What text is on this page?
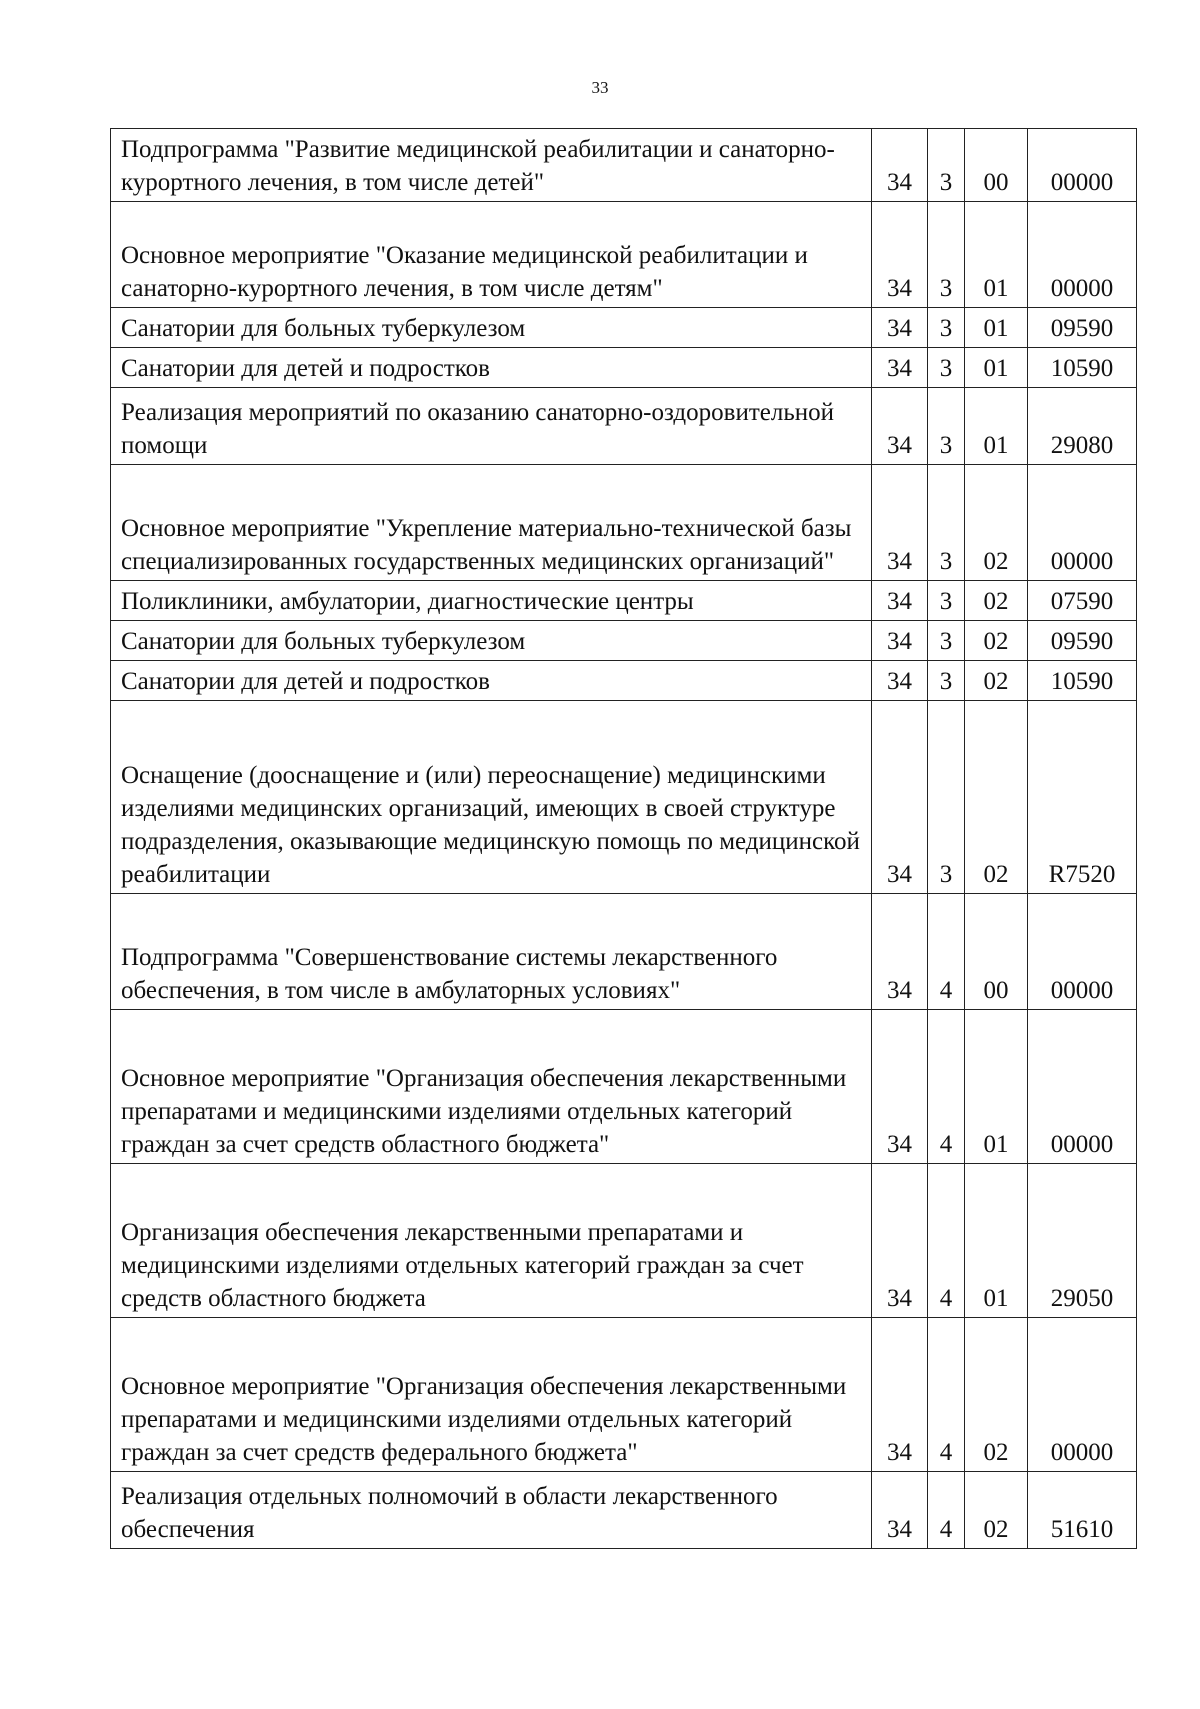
33
Подпрограмма "Развитие медицинской реабилитации и санаторно-курортного лечения, в том числе детей"	34	3	00	00000

Основное мероприятие "Оказание медицинской реабилитации и санаторно-курортного лечения, в том числе детям"	34	3	01	00000

Санатории для больных туберкулезом	34	3	01	09590

Санатории для детей и подростков	34	3	01	10590

Реализация мероприятий по оказанию санаторно-оздоровительной помощи	34	3	01	29080

Основное мероприятие "Укрепление материально-технической базы специализированных государственных медицинских организаций"	34	3	02	00000

Поликлиники, амбулатории, диагностические центры	34	3	02	07590

Санатории для больных туберкулезом	34	3	02	09590

Санатории для детей и подростков	34	3	02	10590

Оснащение (дооснащение и (или) переоснащение) медицинскими изделиями медицинских организаций, имеющих в своей структуре подразделения, оказывающие медицинскую помощь по медицинской реабилитации	34	3	02	R7520

Подпрограмма "Совершенствование системы лекарственного обеспечения, в том числе в амбулаторных условиях"	34	4	00	00000

Основное мероприятие "Организация обеспечения лекарственными препаратами и медицинскими изделиями отдельных категорий граждан за счет средств областного бюджета"	34	4	01	00000

Организация обеспечения лекарственными препаратами и медицинскими изделиями отдельных категорий граждан за счет средств областного бюджета	34	4	01	29050

Основное мероприятие "Организация обеспечения лекарственными препаратами и медицинскими изделиями отдельных категорий граждан за счет средств федерального бюджета"	34	4	02	00000

Реализация отдельных полномочий в области лекарственного обеспечения	34	4	02	51610
